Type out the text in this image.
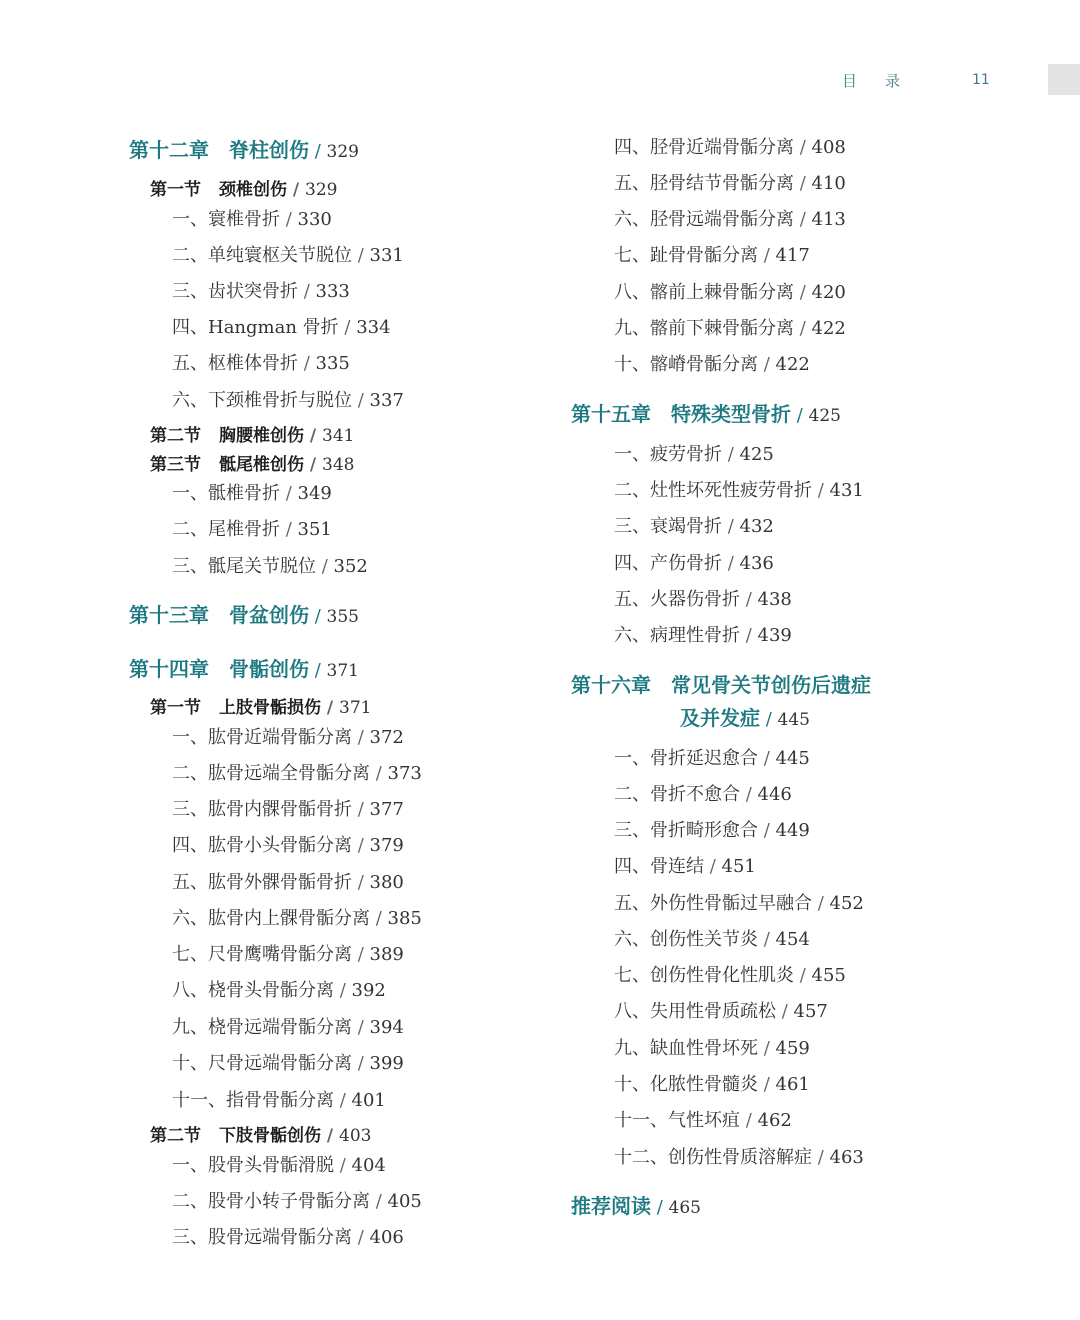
目录	11
第十二章 脊柱创伤 / 329
第一节 颈椎创伤 / 329
一、寰椎骨折 / 330
二、单纯寰枢关节脱位 / 331
三、齿状突骨折 / 333
四、Hangman 骨折 / 334
五、枢椎体骨折 / 335
六、下颈椎骨折与脱位 / 337
第二节 胸腰椎创伤 / 341
第三节 骶尾椎创伤 / 348
一、骶椎骨折 / 349
二、尾椎骨折 / 351
三、骶尾关节脱位 / 352
第十三章 骨盆创伤 / 355
第十四章 骨骺创伤 / 371
第一节 上肢骨骺损伤 / 371
一、肱骨近端骨骺分离 / 372
二、肱骨远端全骨骺分离 / 373
三、肱骨内髁骨骺骨折 / 377
四、肱骨小头骨骺分离 / 379
五、肱骨外髁骨骺骨折 / 380
六、肱骨内上髁骨骺分离 / 385
七、尺骨鹰嘴骨骺分离 / 389
八、桡骨头骨骺分离 / 392
九、桡骨远端骨骺分离 / 394
十、尺骨远端骨骺分离 / 399
十一、指骨骨骺分离 / 401
第二节 下肢骨骺创伤 / 403
一、股骨头骨骺滑脱 / 404
二、股骨小转子骨骺分离 / 405
三、股骨远端骨骺分离 / 406
四、胫骨近端骨骺分离 / 408
五、胫骨结节骨骺分离 / 410
六、胫骨远端骨骺分离 / 413
七、趾骨骨骺分离 / 417
八、髂前上棘骨骺分离 / 420
九、髂前下棘骨骺分离 / 422
十、髂嵴骨骺分离 / 422
第十五章 特殊类型骨折 / 425
一、疲劳骨折 / 425
二、灶性坏死性疲劳骨折 / 431
三、衰竭骨折 / 432
四、产伤骨折 / 436
五、火器伤骨折 / 438
六、病理性骨折 / 439
第十六章 常见骨关节创伤后遗症
及并发症 / 445
一、骨折延迟愈合 / 445
二、骨折不愈合 / 446
三、骨折畸形愈合 / 449
四、骨连结 / 451
五、外伤性骨骺过早融合 / 452
六、创伤性关节炎 / 454
七、创伤性骨化性肌炎 / 455
八、失用性骨质疏松 / 457
九、缺血性骨坏死 / 459
十、化脓性骨髓炎 / 461
十一、气性坏疽 / 462
十二、创伤性骨质溶解症 / 463
推荐阅读 / 465
